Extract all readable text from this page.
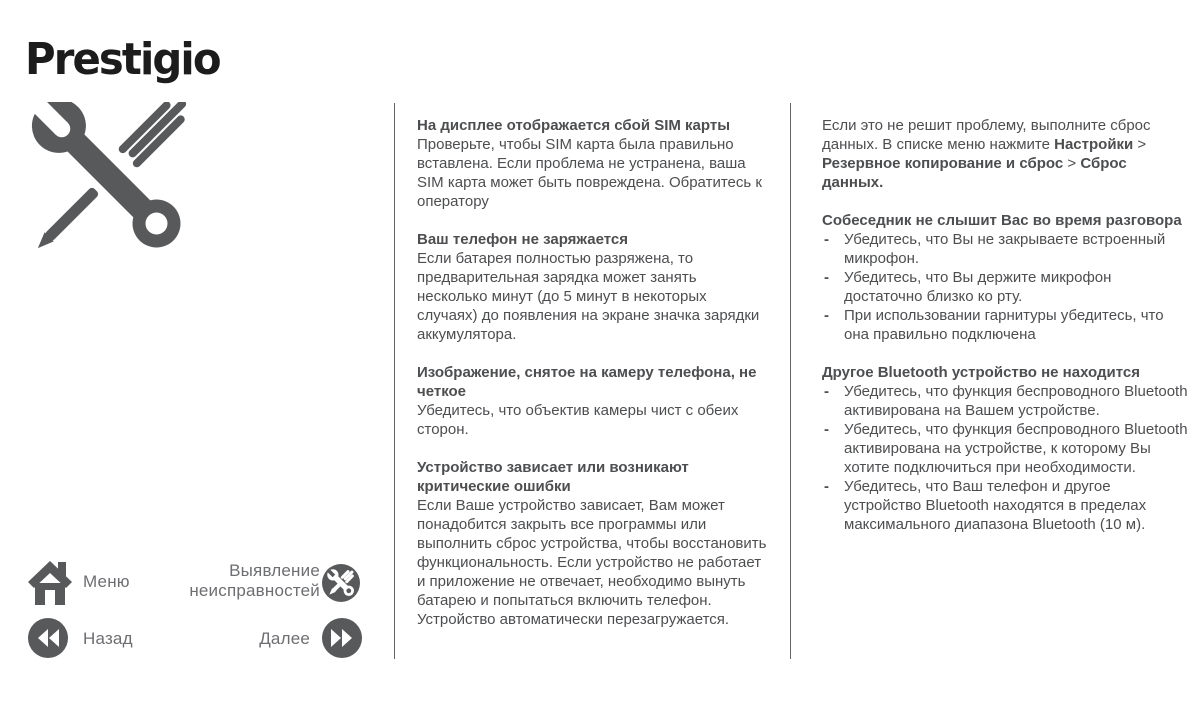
Prestigio
На дисплее отображается сбой SIM карты
Проверьте, чтобы SIM карта была правильно вставлена. Если проблема не устранена, ваша SIM карта может быть повреждена. Обратитесь к оператору
Ваш телефон не заряжается
Если батарея полностью разряжена, то предварительная зарядка может занять несколько минут (до 5 минут в некоторых случаях) до появления на экране значка зарядки аккумулятора.
Изображение, снятое на камеру телефона, не четкое
Убедитесь, что объектив камеры чист с обеих сторон.
Устройство зависает или возникают критические ошибки
Если Ваше устройство зависает, Вам может понадобится закрыть все программы или выполнить сброс устройства, чтобы восстановить функциональность. Если устройство не работает и приложение не отвечает, необходимо вынуть батарею и попытаться включить телефон. Устройство автоматически перезагружается.
Если это не решит проблему, выполните сброс данных. В списке меню нажмите Настройки > Резервное копирование и сброс > Сброс данных.
Собеседник не слышит Вас во время разговора
- Убедитесь, что Вы не закрываете встроенный микрофон.
- Убедитесь, что Вы держите микрофон достаточно близко ко рту.
- При использовании гарнитуры убедитесь, что она правильно подключена
Другое Bluetooth устройство не находится
- Убедитесь, что функция беспроводного Bluetooth активирована на Вашем устройстве.
- Убедитесь, что функция беспроводного Bluetooth активирована на устройстве, к которому Вы хотите подключиться при необходимости.
- Убедитесь, что Ваш телефон и другое устройство Bluetooth находятся в пределах максимального диапазона Bluetooth (10 м).
Меню
Выявление
неисправностей
Назад	Далее
